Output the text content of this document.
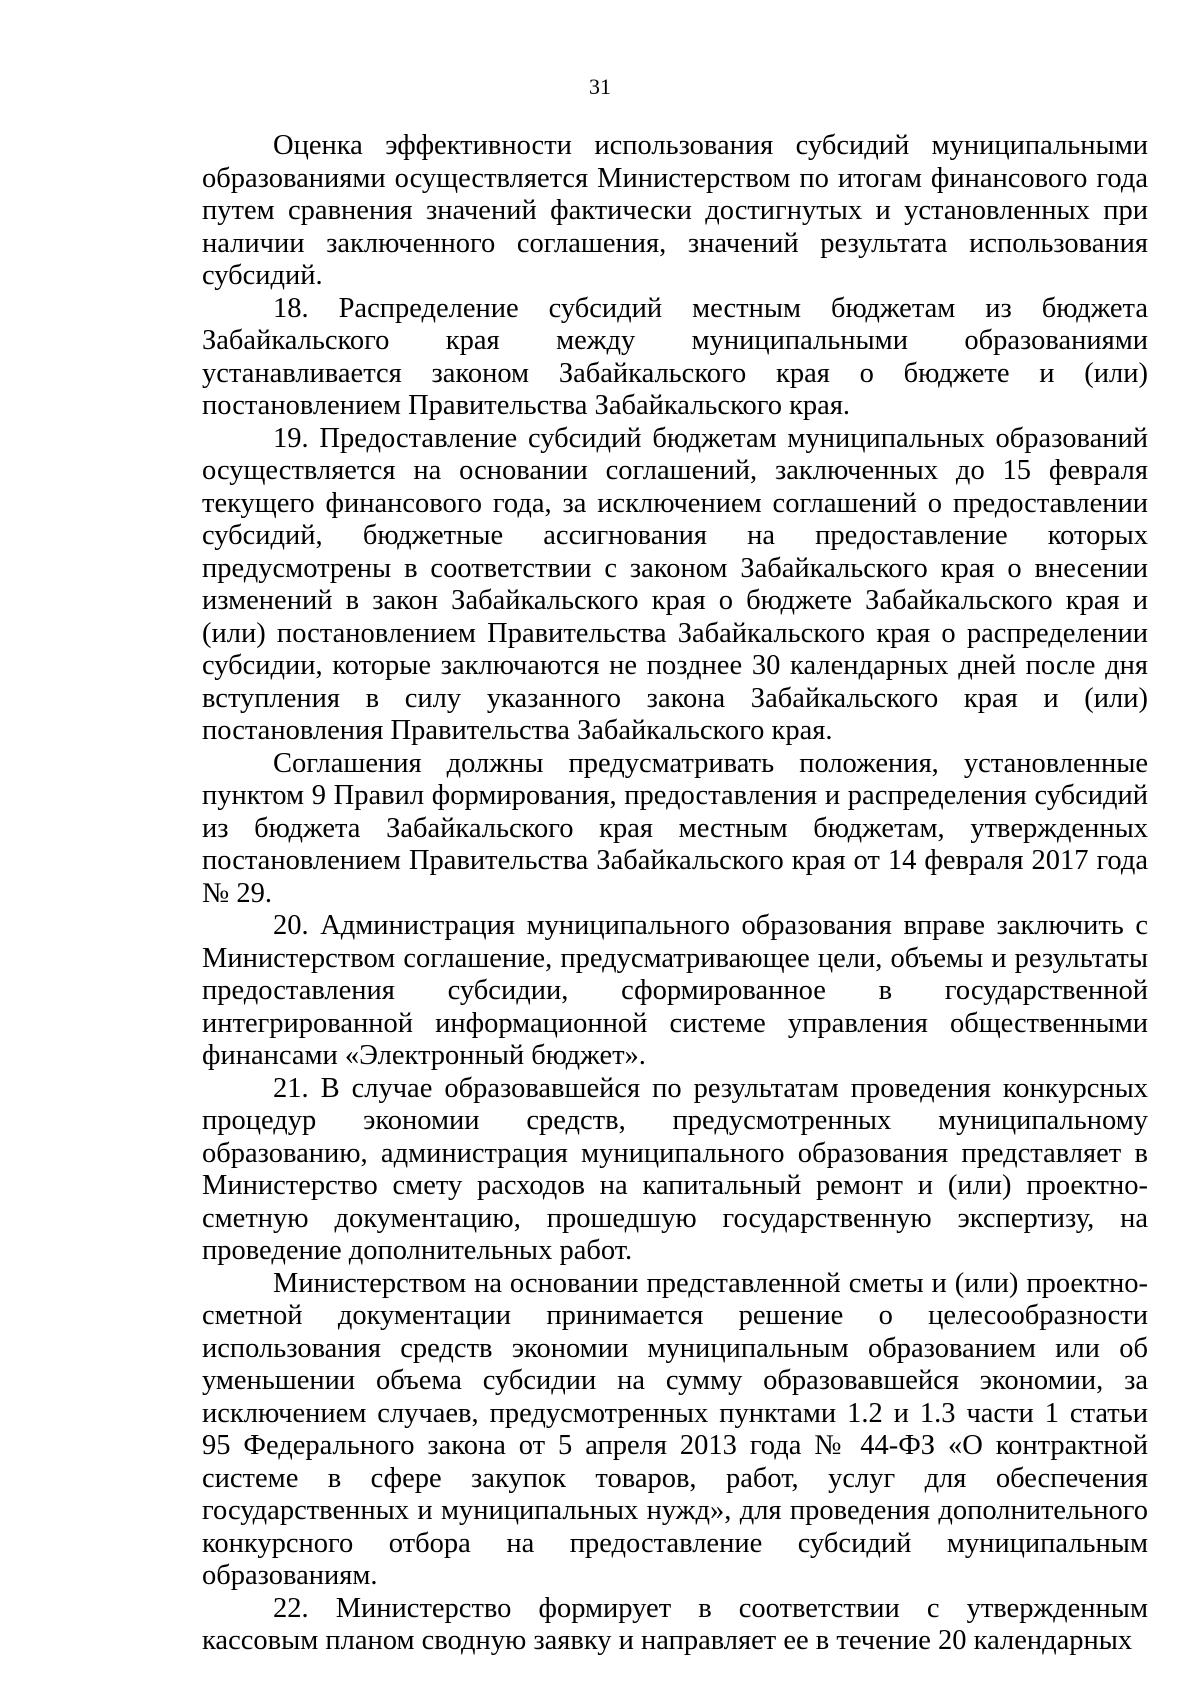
31

Оценка эффективности использования субсидий муниципальными образованиями осуществляется Министерством по итогам финансового года путем сравнения значений фактически достигнутых и установленных при наличии заключенного соглашения, значений результата использования субсидий.

18. Распределение субсидий местным бюджетам из бюджета Забайкальского края между муниципальными образованиями устанавливается законом Забайкальского края о бюджете и (или) постановлением Правительства Забайкальского края.

19. Предоставление субсидий бюджетам муниципальных образований осуществляется на основании соглашений, заключенных до 15 февраля текущего финансового года, за исключением соглашений о предоставлении субсидий, бюджетные ассигнования на предоставление которых предусмотрены в соответствии с законом Забайкальского края о внесении изменений в закон Забайкальского края о бюджете Забайкальского края и (или) постановлением Правительства Забайкальского края о распределении субсидии, которые заключаются не позднее 30 календарных дней после дня вступления в силу указанного закона Забайкальского края и (или) постановления Правительства Забайкальского края.

Соглашения должны предусматривать положения, установленные пунктом 9 Правил формирования, предоставления и распределения субсидий из бюджета Забайкальского края местным бюджетам, утвержденных постановлением Правительства Забайкальского края от 14 февраля 2017 года № 29.

20. Администрация муниципального образования вправе заключить с Министерством соглашение, предусматривающее цели, объемы и результаты предоставления субсидии, сформированное в государственной интегрированной информационной системе управления общественными финансами «Электронный бюджет».

21. В случае образовавшейся по результатам проведения конкурсных процедур экономии средств, предусмотренных муниципальному образованию, администрация муниципального образования представляет в Министерство смету расходов на капитальный ремонт и (или) проектно-сметную документацию, прошедшую государственную экспертизу, на проведение дополнительных работ.

Министерством на основании представленной сметы и (или) проектно-сметной документации принимается решение о целесообразности использования средств экономии муниципальным образованием или об уменьшении объема субсидии на сумму образовавшейся экономии, за исключением случаев, предусмотренных пунктами 1.2 и 1.3 части 1 статьи 95 Федерального закона от 5 апреля 2013 года № 44-ФЗ «О контрактной системе в сфере закупок товаров, работ, услуг для обеспечения государственных и муниципальных нужд», для проведения дополнительного конкурсного отбора на предоставление субсидий муниципальным образованиям.

22. Министерство формирует в соответствии с утвержденным кассовым планом сводную заявку и направляет ее в течение 20 календарных
